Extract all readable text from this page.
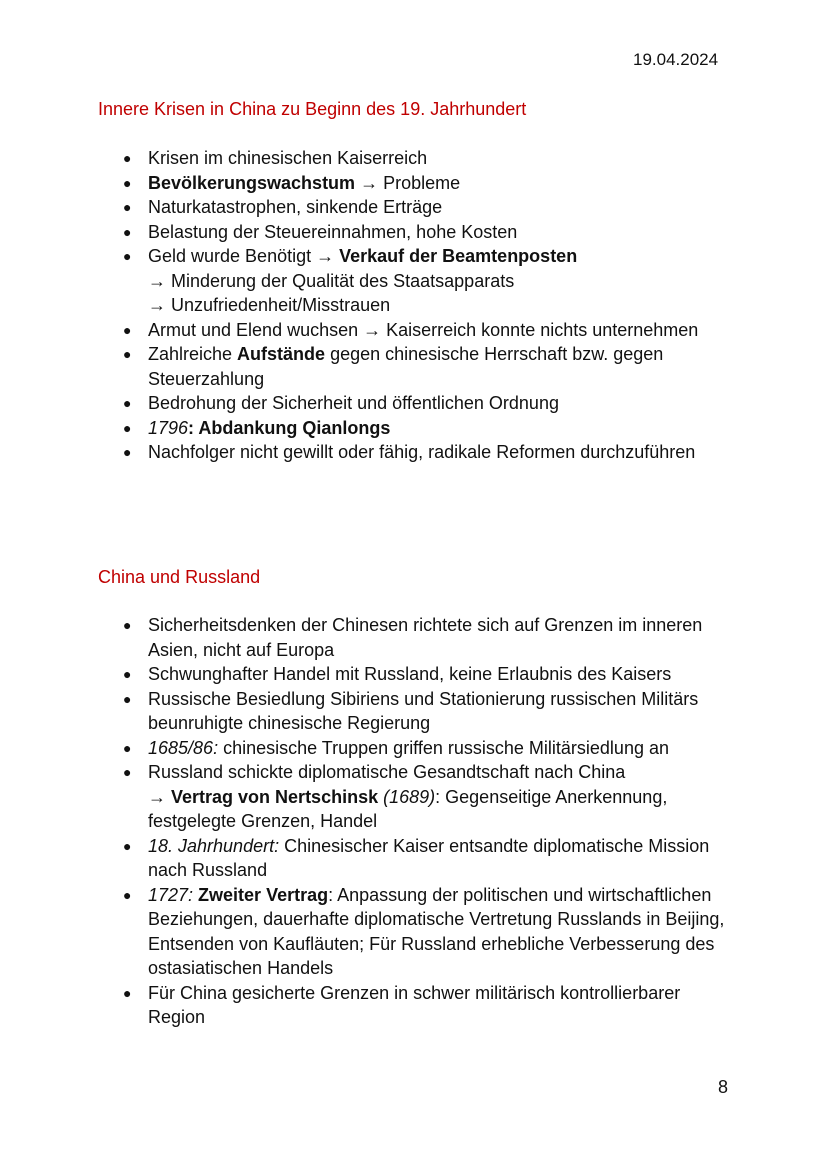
19.04.2024
Innere Krisen in China zu Beginn des 19. Jahrhundert
● Krisen im chinesischen Kaiserreich
● Bevölkerungswachstum → Probleme
● Naturkatastrophen, sinkende Erträge
● Belastung der Steuereinnahmen, hohe Kosten
● Geld wurde Benötigt → Verkauf der Beamtenposten
→ Minderung der Qualität des Staatsapparats
→ Unzufriedenheit/Misstrauen
● Armut und Elend wuchsen → Kaiserreich konnte nichts unternehmen
● Zahlreiche Aufstände gegen chinesische Herrschaft bzw. gegen Steuerzahlung
● Bedrohung der Sicherheit und öffentlichen Ordnung
● 1796: Abdankung Qianlongs
● Nachfolger nicht gewillt oder fähig, radikale Reformen durchzuführen
China und Russland
● Sicherheitsdenken der Chinesen richtete sich auf Grenzen im inneren Asien, nicht auf Europa
● Schwunghafter Handel mit Russland, keine Erlaubnis des Kaisers
● Russische Besiedlung Sibiriens und Stationierung russischen Militärs beunruhigte chinesische Regierung
● 1685/86: chinesische Truppen griffen russische Militärsiedlung an
● Russland schickte diplomatische Gesandtschaft nach China
→ Vertrag von Nertschinsk (1689): Gegenseitige Anerkennung, festgelegte Grenzen, Handel
● 18. Jahrhundert: Chinesischer Kaiser entsandte diplomatische Mission nach Russland
● 1727: Zweiter Vertrag: Anpassung der politischen und wirtschaftlichen Beziehungen, dauerhafte diplomatische Vertretung Russlands in Beijing, Entsenden von Kaufläuten; Für Russland erhebliche Verbesserung des ostasiatischen Handels
● Für China gesicherte Grenzen in schwer militärisch kontrollierbarer Region
8
